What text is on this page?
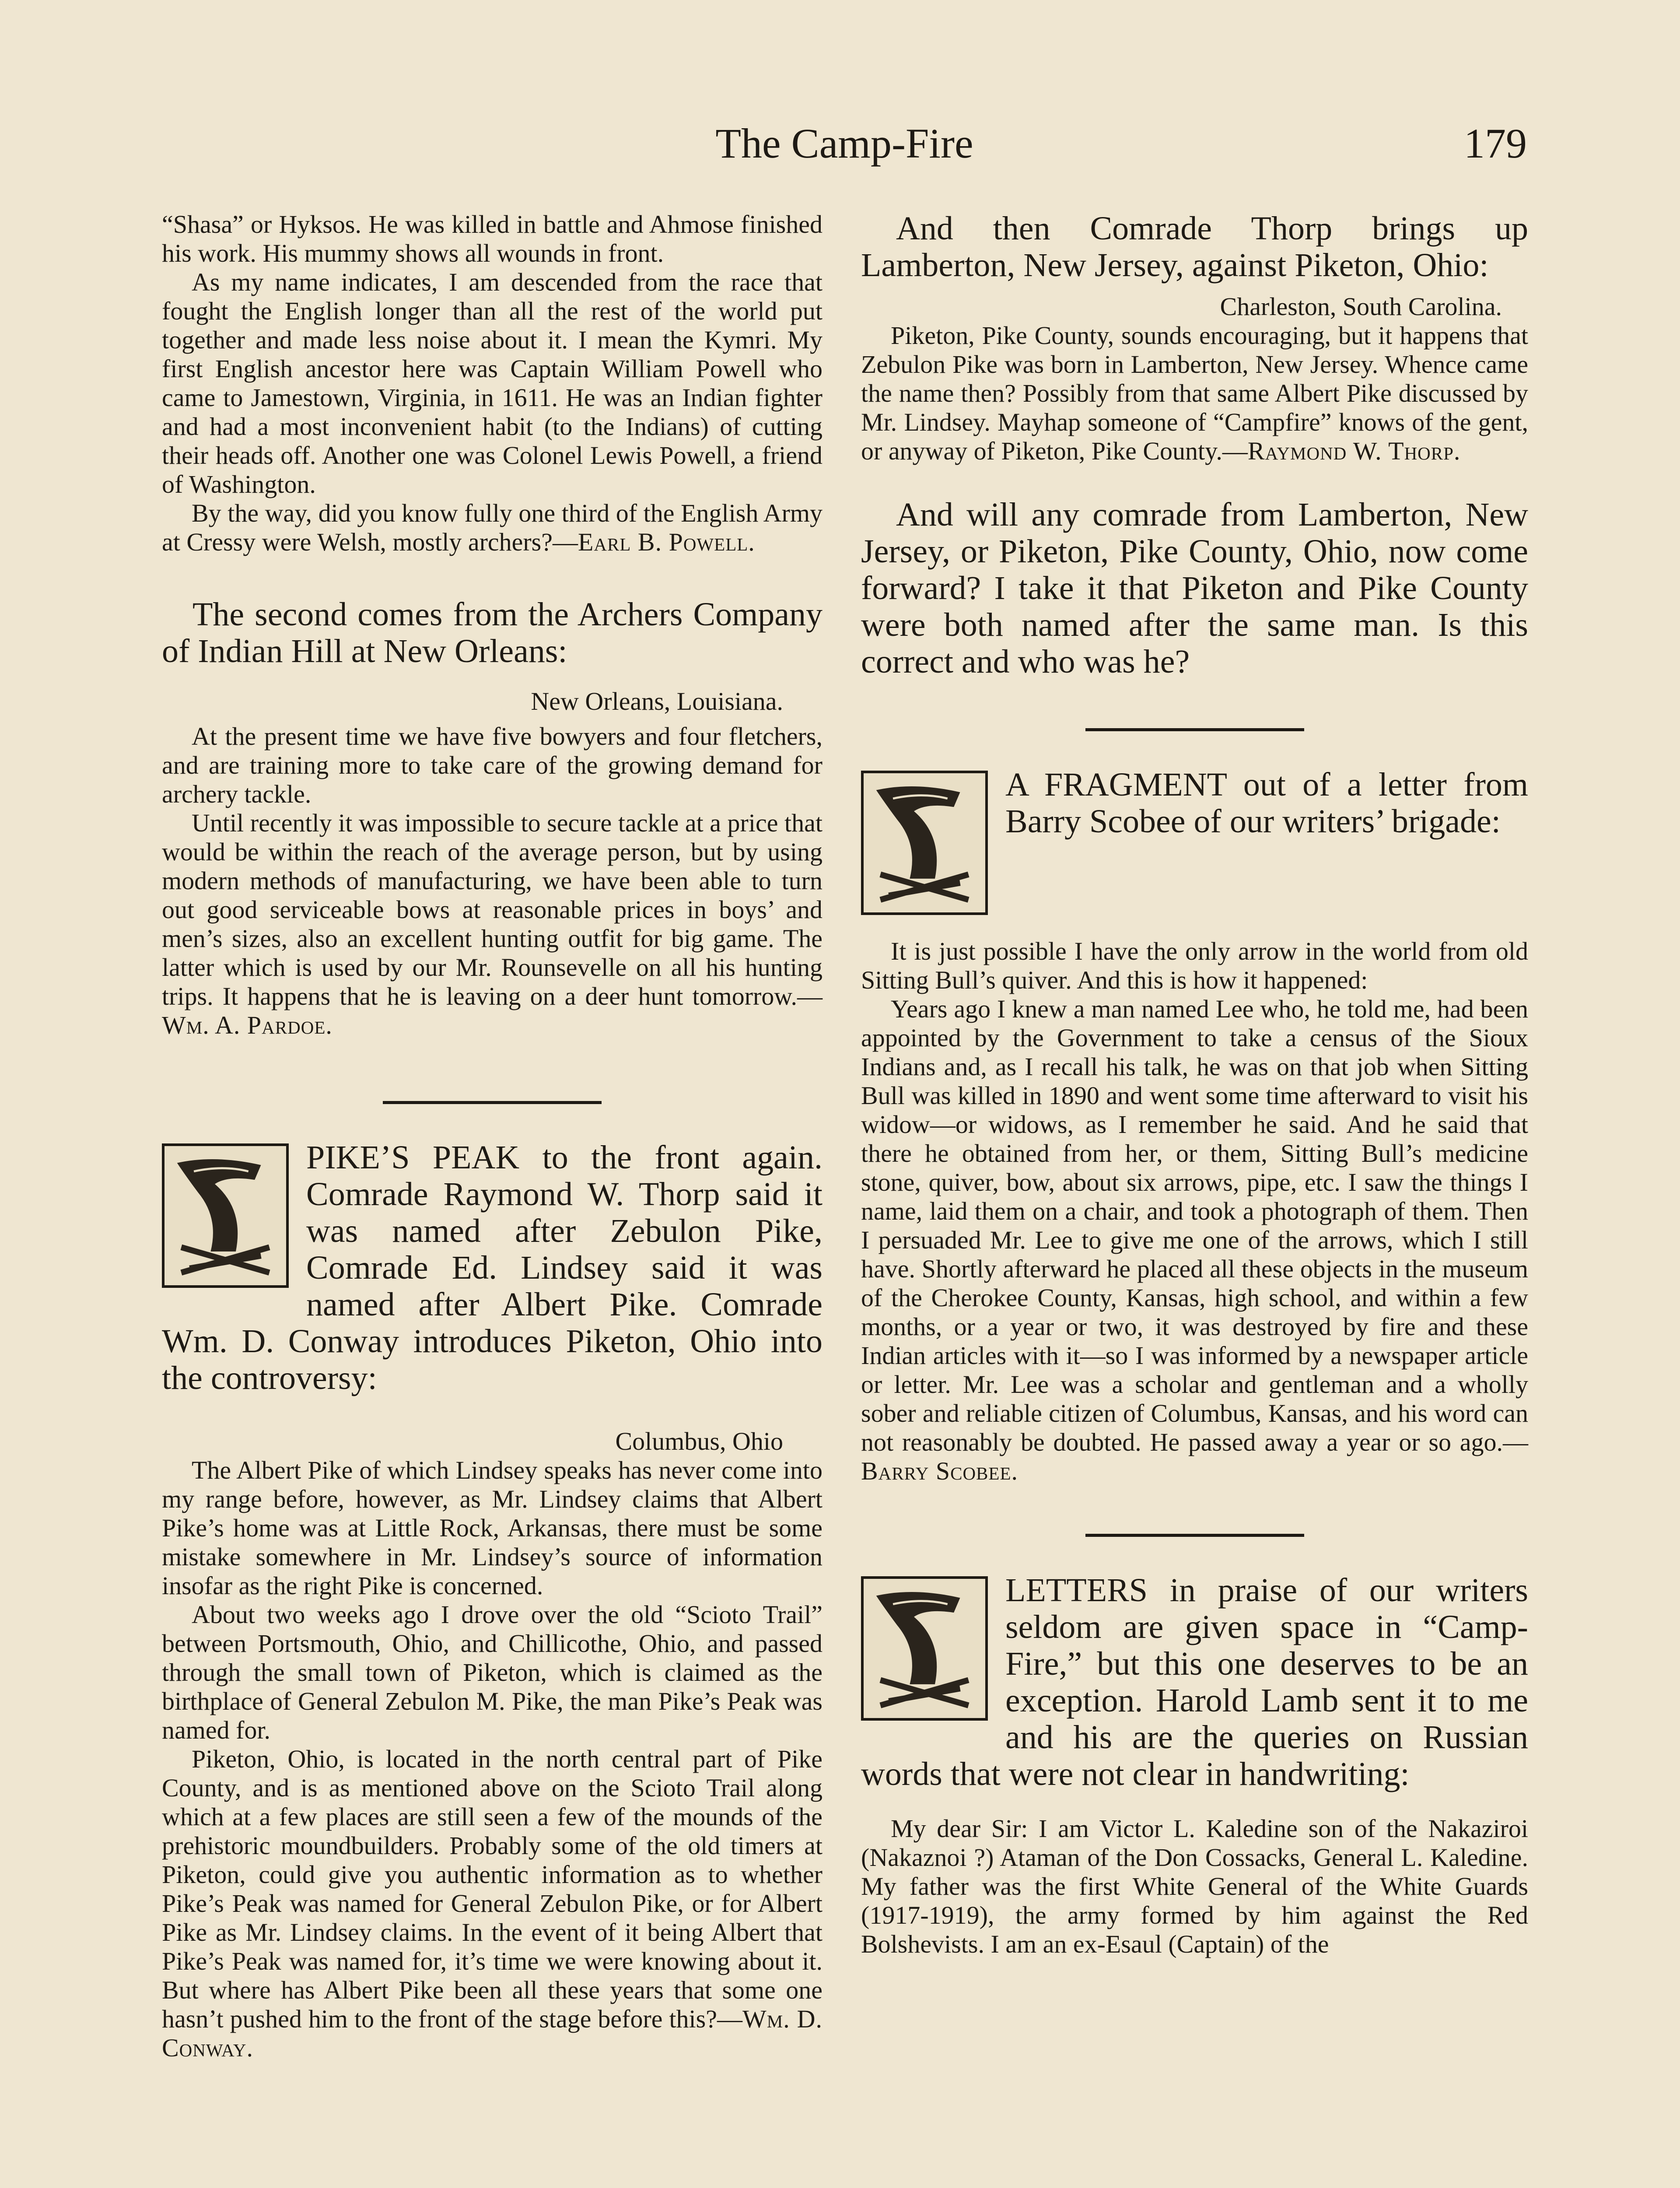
The Camp-Fire	179

“Shasa” or Hyksos. He was killed in battle and Ahmose finished his work. His mummy shows all wounds in front.

As my name indicates, I am descended from the race that fought the English longer than all the rest of the world put together and made less noise about it. I mean the Kymri. My first English ancestor here was Captain William Powell who came to Jamestown, Virginia, in 1611. He was an Indian fighter and had a most inconvenient habit (to the Indians) of cutting their heads off. Another one was Colonel Lewis Powell, a friend of Washington.

By the way, did you know fully one third of the English Army at Cressy were Welsh, mostly archers?—Earl B. Powell.

The second comes from the Archers Company of Indian Hill at New Orleans:

New Orleans, Louisiana.

At the present time we have five bowyers and four fletchers, and are training more to take care of the growing demand for archery tackle.

Until recently it was impossible to secure tackle at a price that would be within the reach of the average person, but by using modern methods of manufacturing, we have been able to turn out good serviceable bows at reasonable prices in boys’ and men’s sizes, also an excellent hunting outfit for big game. The latter which is used by our Mr. Rounsevelle on all his hunting trips. It happens that he is leaving on a deer hunt tomorrow.—Wm. A. Pardoe.

PIKE’S PEAK to the front again. Comrade Raymond W. Thorp said it was named after Zebulon Pike, Comrade Ed. Lindsey said it was named after Albert Pike. Comrade Wm. D. Conway introduces Piketon, Ohio into the controversy:

Columbus, Ohio

The Albert Pike of which Lindsey speaks has never come into my range before, however, as Mr. Lindsey claims that Albert Pike’s home was at Little Rock, Arkansas, there must be some mistake somewhere in Mr. Lindsey’s source of information insofar as the right Pike is concerned.

About two weeks ago I drove over the old “Scioto Trail” between Portsmouth, Ohio, and Chillicothe, Ohio, and passed through the small town of Piketon, which is claimed as the birthplace of General Zebulon M. Pike, the man Pike’s Peak was named for.

Piketon, Ohio, is located in the north central part of Pike County, and is as mentioned above on the Scioto Trail along which at a few places are still seen a few of the mounds of the prehistoric moundbuilders. Probably some of the old timers at Piketon, could give you authentic information as to whether Pike’s Peak was named for General Zebulon Pike, or for Albert Pike as Mr. Lindsey claims. In the event of it being Albert that Pike’s Peak was named for, it’s time we were knowing about it. But where has Albert Pike been all these years that some one hasn’t pushed him to the front of the stage before this?—Wm. D. Conway.

And then Comrade Thorp brings up Lamberton, New Jersey, against Piketon, Ohio:

Charleston, South Carolina.

Piketon, Pike County, sounds encouraging, but it happens that Zebulon Pike was born in Lamberton, New Jersey. Whence came the name then? Possibly from that same Albert Pike discussed by Mr. Lindsey. Mayhap someone of “Campfire” knows of the gent, or anyway of Piketon, Pike County.—Raymond W. Thorp.

And will any comrade from Lamberton, New Jersey, or Piketon, Pike County, Ohio, now come forward? I take it that Piketon and Pike County were both named after the same man. Is this correct and who was he?

A FRAGMENT out of a letter from Barry Scobee of our writers’ brigade:

It is just possible I have the only arrow in the world from old Sitting Bull’s quiver. And this is how it happened:

Years ago I knew a man named Lee who, he told me, had been appointed by the Government to take a census of the Sioux Indians and, as I recall his talk, he was on that job when Sitting Bull was killed in 1890 and went some time afterward to visit his widow—or widows, as I remember he said. And he said that there he obtained from her, or them, Sitting Bull’s medicine stone, quiver, bow, about six arrows, pipe, etc. I saw the things I name, laid them on a chair, and took a photograph of them. Then I persuaded Mr. Lee to give me one of the arrows, which I still have. Shortly afterward he placed all these objects in the museum of the Cherokee County, Kansas, high school, and within a few months, or a year or two, it was destroyed by fire and these Indian articles with it—so I was informed by a newspaper article or letter. Mr. Lee was a scholar and gentleman and a wholly sober and reliable citizen of Columbus, Kansas, and his word can not reasonably be doubted. He passed away a year or so ago.—Barry Scobee.

LETTERS in praise of our writers seldom are given space in “Camp-Fire,” but this one deserves to be an exception. Harold Lamb sent it to me and his are the queries on Russian words that were not clear in handwriting:

My dear Sir: I am Victor L. Kaledine son of the Nakaziroi (Nakaznoi ?) Ataman of the Don Cossacks, General L. Kaledine. My father was the first White General of the White Guards (1917-1919), the army formed by him against the Red Bolshevists. I am an ex-Esaul (Captain) of the
